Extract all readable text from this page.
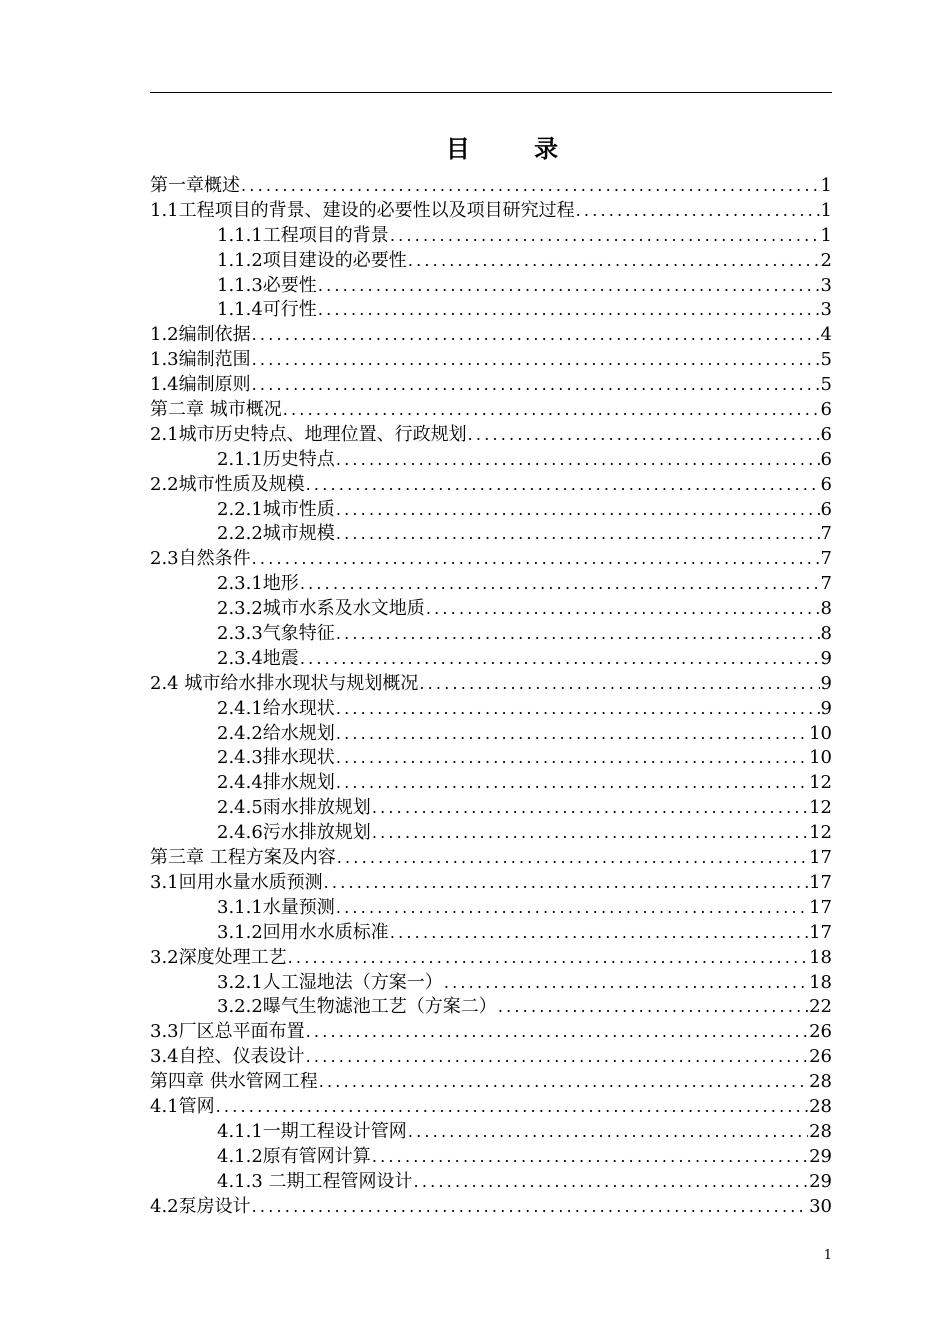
目 录
第一章概述 .....	1
1.1工程项目的背景、建设的必要性以及项目研究过程 .....	1
1.1.1工程项目的背景 .....	1
1.1.2项目建设的必要性 .....	2
1.1.3必要性 .....	3
1.1.4可行性 .....	3
1.2编制依据 .....	4
1.3编制范围 .....	5
1.4编制原则 .....	5
第二章 城市概况 .....	6
2.1城市历史特点、地理位置、行政规划 .....	6
2.1.1历史特点 .....	6
2.2城市性质及规模 .....	6
2.2.1城市性质 .....	6
2.2.2城市规模 .....	7
2.3自然条件 .....	7
2.3.1地形 .....	7
2.3.2城市水系及水文地质 .....	8
2.3.3气象特征 .....	8
2.3.4地震 .....	9
2.4 城市给水排水现状与规划概况 .....	9
2.4.1给水现状 .....	9
2.4.2给水规划 .....	10
2.4.3排水现状 .....	10
2.4.4排水规划 .....	12
2.4.5雨水排放规划 .....	12
2.4.6污水排放规划 .....	12
第三章 工程方案及内容 .....	17
3.1回用水量水质预测 .....	17
3.1.1水量预测 .....	17
3.1.2回用水水质标准 .....	17
3.2深度处理工艺 .....	18
3.2.1人工湿地法（方案一） .....	18
3.2.2曝气生物滤池工艺（方案二） .....	22
3.3厂区总平面布置 .....	26
3.4自控、仪表设计 .....	26
第四章 供水管网工程 .....	28
4.1管网 .....	28
4.1.1一期工程设计管网 .....	28
4.1.2原有管网计算 .....	29
4.1.3 二期工程管网设计 .....	29
4.2泵房设计 .....	30
1
